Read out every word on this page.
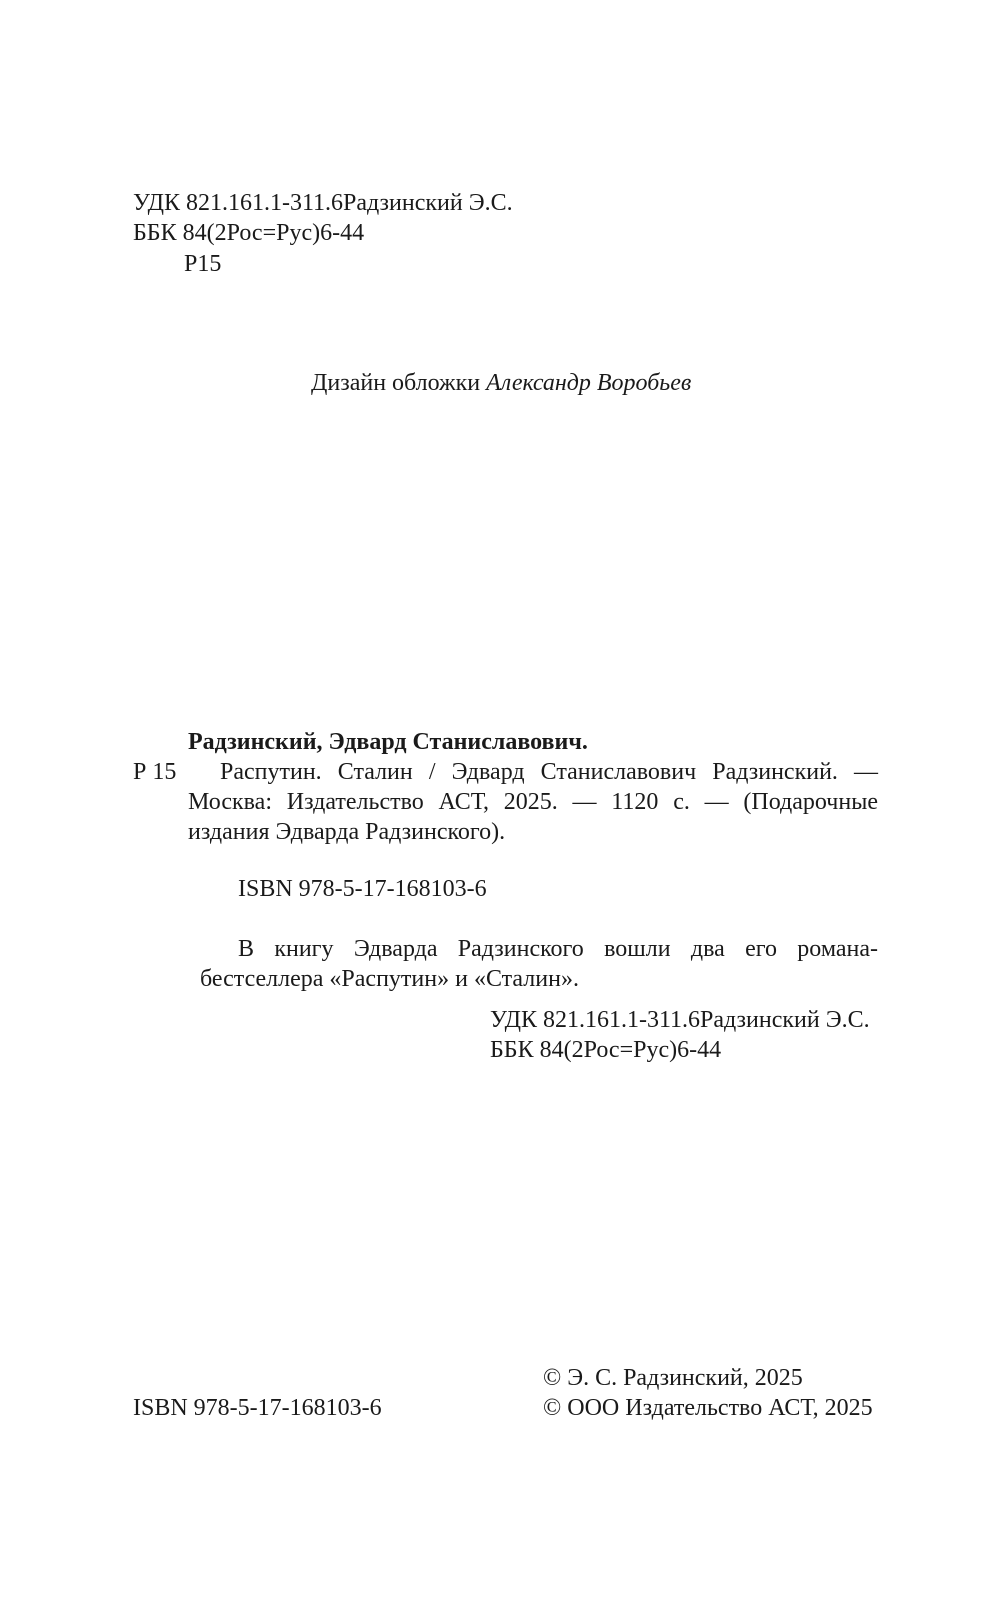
УДК 821.161.1-311.6Радзинский Э.С.
ББК 84(2Рос=Рус)6-44
Р15
Дизайн обложки Александр Воробьев
Радзинский, Эдвард Станиславович.
Р 15	Распутин. Сталин / Эдвард Станиславович Радзинский. — Москва: Издательство АСТ, 2025. — 1120 с. — (Подарочные издания Эдварда Радзинского).
ISBN 978-5-17-168103-6
В книгу Эдварда Радзинского вошли два его романа-бестселлера «Распутин» и «Сталин».
УДК 821.161.1-311.6Радзинский Э.С.
ББК 84(2Рос=Рус)6-44
ISBN 978-5-17-168103-6
© Э. С. Радзинский, 2025
© ООО Издательство АСТ, 2025
